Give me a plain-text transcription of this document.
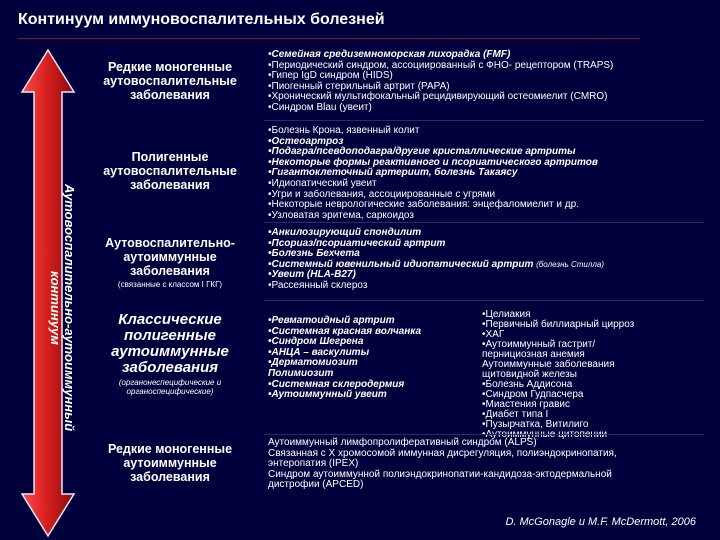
Континуум иммуновоспалительных болезней
Аутовоспалительно-аутоиммунный континуум
Редкие моногенные
аутовоспалительные
заболевания
•Семейная средиземноморская лихорадка (FMF)
•Периодический синдром, ассоциированный с ФНО- рецептором (TRAPS)
•Гипер IgD синдром (HIDS)
•Пиогенный стерильный артрит (PAPA)
•Хронический мультифокальный рецидивирующий остеомиелит (CMRO)
•Синдром Blau (увеит)
Полигенные
аутовоспалительные
заболевания
•Болезнь Крона, язвенный колит
•Остеоартроз
•Подагра/псевдоподагра/другие кристаллические артриты
•Некоторые формы реактивного и псориатического артритов
•Гигантоклеточный артериит, болезнь Такаясу
•Идиопатический увеит
•Угри и заболевания, ассоциированные с угрями
•Некоторые неврологические заболевания: энцефаломиелит и др.
•Узловатая эритема, саркоидоз
Аутовоспалительно-
аутоиммунные
заболевания
(связанные с классом I ГКГ)
•Анкилозирующий спондилит
•Псориаз/псориатический артрит
•Болезнь Бехчета
•Системный ювенильный идиопатический артрит (болезнь Стилла)
•Увеит (HLA-B27)
•Рассеянный склероз
Классические
полигенные
аутоиммунные
заболевания
(органонеспецифические и органоспецифические)
•Ревматоидный артрит
•Системная красная волчанка
•Синдром Шегрена
•АНЦА – васкулиты
•Дерматомиозит
Полимиозит
•Системная склеродермия
•Аутоиммунный увеит
•Целиакия
•Первичный биллиарный цирроз
•ХАГ
•Аутоиммунный гастрит/
пернициозная анемия
Аутоиммунные заболевания
щитовидной железы
•Болезнь Аддисона
•Синдром Гудпасчера
•Миастения гравис
•Диабет типа I
•Пузырчатка, Витилиго
Редкие моногенные
аутоиммунные
заболевания
Аутоиммунный лимфопролиферативный синдром (ALPS)
Связанная с Х хромосомой иммунная дисрегуляция, полиэндокринопатия,
энтеропатия (IPEX)
Синдром аутоиммунной полиэндокринопатии-кандидоза-эктодермальной
дистрофии (APCED)
D. McGonagle и M.F. McDermott, 2006
